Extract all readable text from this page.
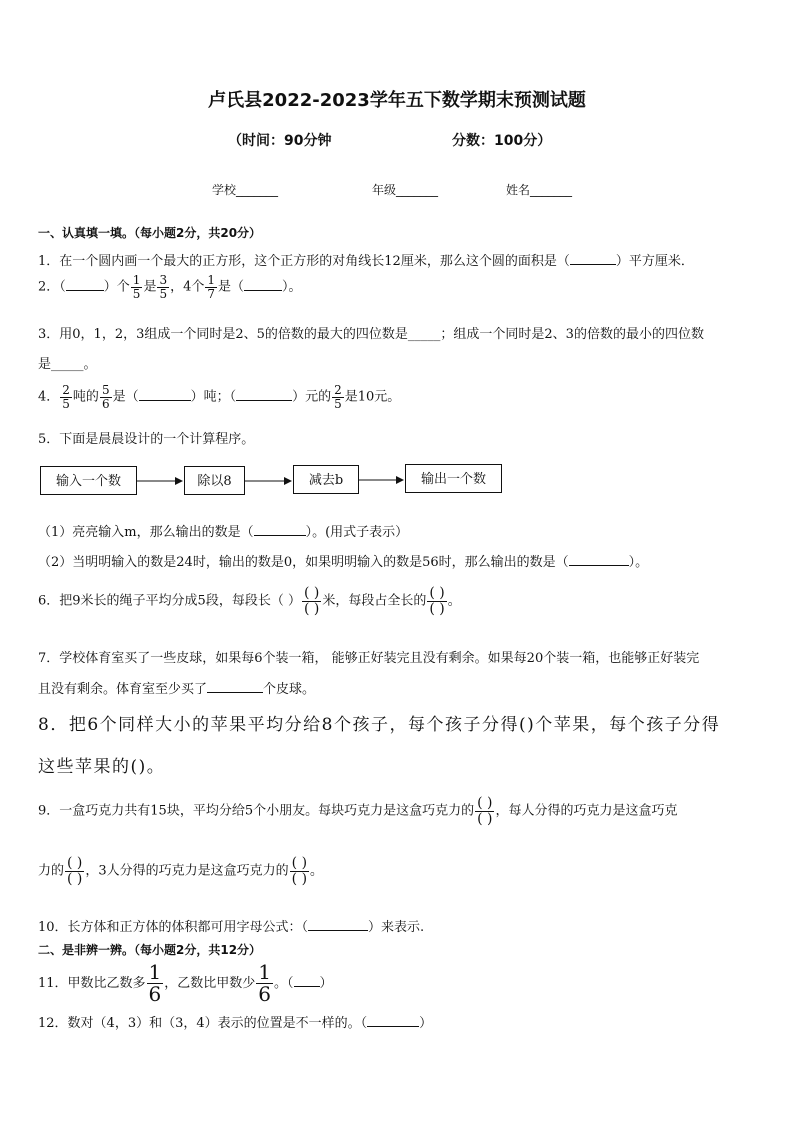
卢氏县2022-2023学年五下数学期末预测试题
（时间：90分钟	分数：100分）
学校_______	年级_______	姓名_______
一、认真填一填。（每小题2分，共20分）
1．在一个圆内画一个最大的正方形，这个正方形的对角线长12厘米，那么这个圆的面积是（	）平方厘米．
2．（	）个 $\frac{1}{5}$ 是 $\frac{3}{5}$ ，4个 $\frac{1}{7}$ 是（	）。
3．用0，1，2，3组成一个同时是2、5的倍数的最大的四位数是_____；组成一个同时是2、3的倍数的最小的四位数
是_____。
4． $\frac{2}{5}$ 吨的 $\frac{5}{6}$ 是（	）吨；（	）元的 $\frac{2}{5}$ 是10元。
5．下面是晨晨设计的一个计算程序。
输入一个数	除以8	减去b	输出一个数
（1）亮亮输入m，那么输出的数是（	）。(用式子表示）
（2）当明明输入的数是24时，输出的数是0，如果明明输入的数是56时，那么输出的数是（	）。
6．把9米长的绳子平均分成5段，每段长（ ） $\frac{( )}{( )}$ 米，每段占全长的 $\frac{( )}{( )}$ 。
7．学校体育室买了一些皮球，如果每6个装一箱， 能够正好装完且没有剩余。如果每20个装一箱，也能够正好装完
且没有剩余。体育室至少买了	个皮球。
8．把6个同样大小的苹果平均分给8个孩子，每个孩子分得()个苹果，每个孩子分得
这些苹果的()。
9．一盒巧克力共有15块，平均分给5个小朋友。每块巧克力是这盒巧克力的 $\frac{( )}{( )}$ ，每人分得的巧克力是这盒巧克
力的 $\frac{( )}{( )}$ ，3人分得的巧克力是这盒巧克力的 $\frac{( )}{( )}$ 。
10．长方体和正方体的体积都可用字母公式：（	）来表示.
二、是非辨一辨。（每小题2分，共12分）
11．甲数比乙数多 $\frac{1}{6}$ ，乙数比甲数少 $\frac{1}{6}$ 。（ ）
12．数对（4，3）和（3，4）表示的位置是不一样的。（	）
